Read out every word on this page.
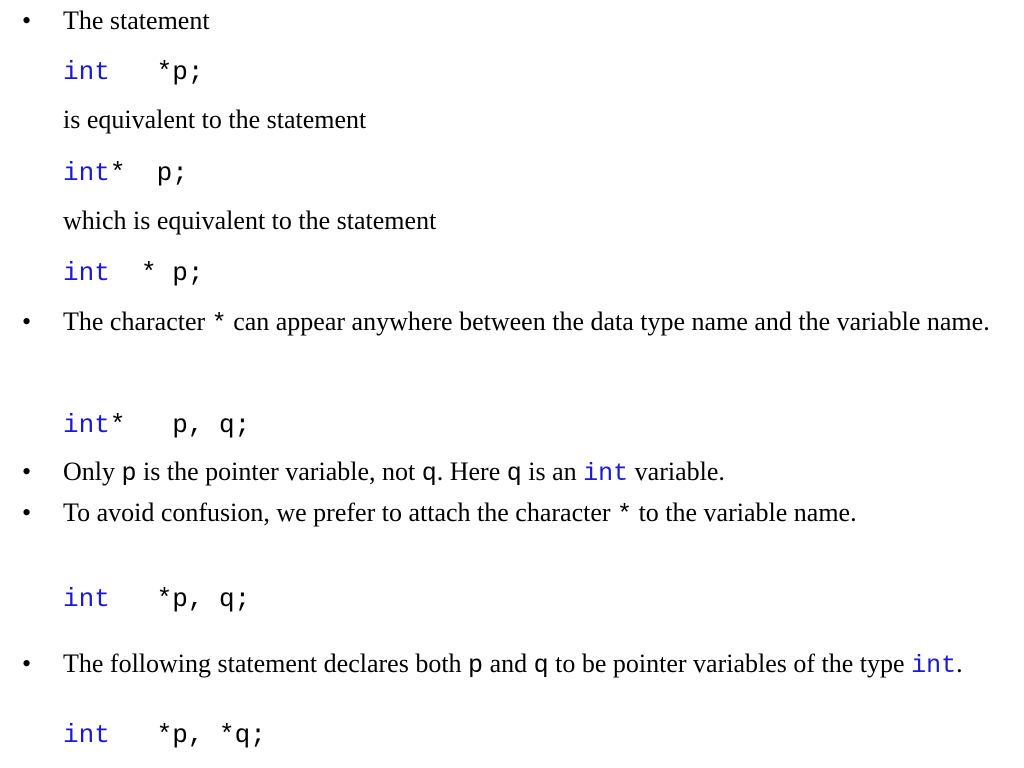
•	The statement
int   *p;
is equivalent to the statement
int*  p;
which is equivalent to the statement
int  * p;
•	The character * can appear anywhere between the data type name and the variable name.
int*   p, q;
•	Only p is the pointer variable, not q. Here q is an int variable.
•	To avoid confusion, we prefer to attach the character * to the variable name.
int   *p, q;
•	The following statement declares both p and q to be pointer variables of the type int.
int   *p, *q;
